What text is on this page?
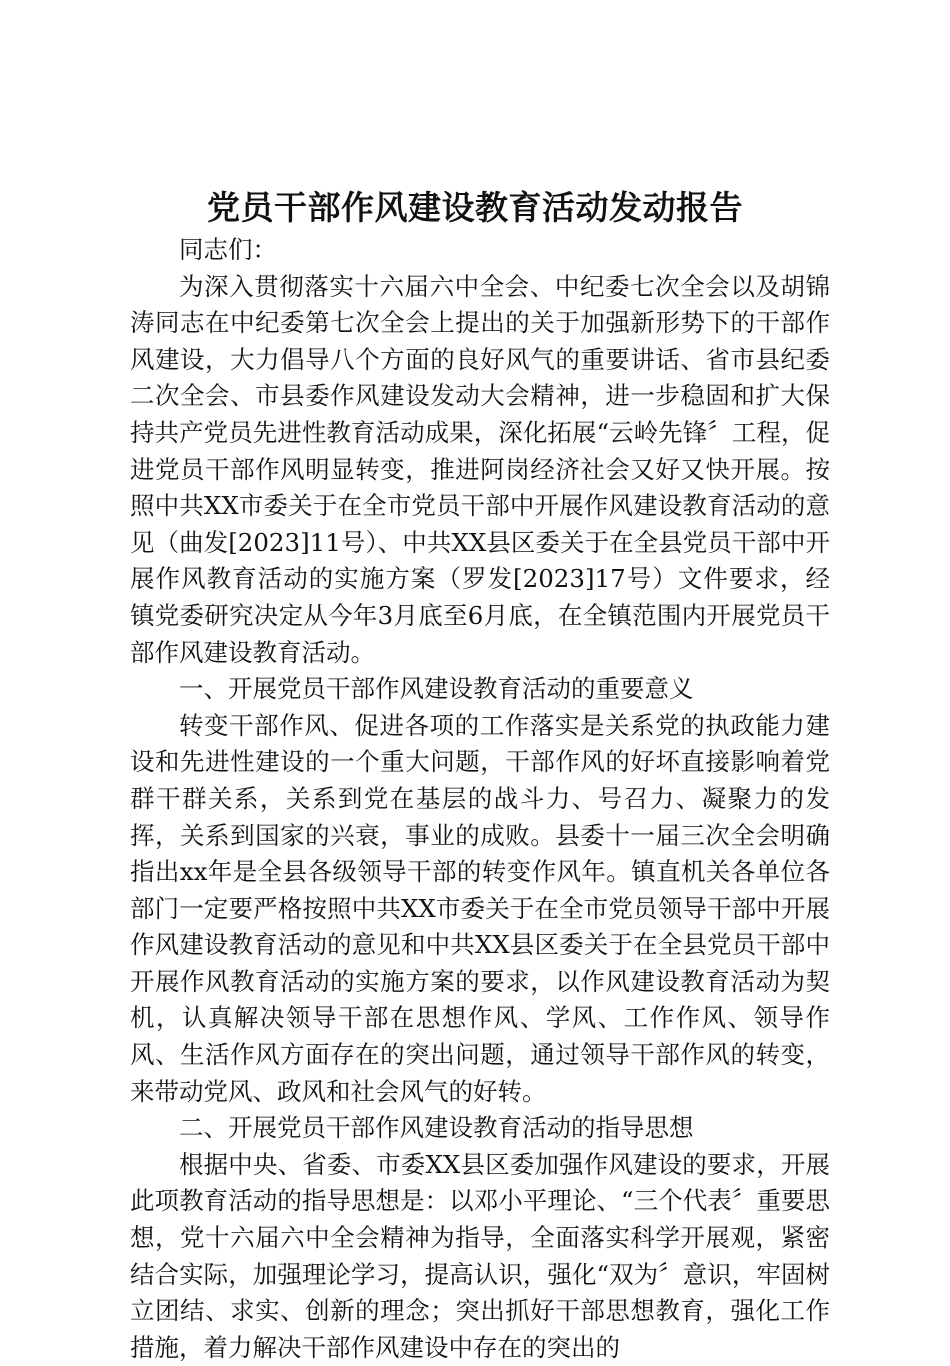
党员干部作风建设教育活动发动报告

同志们：

为深入贯彻落实十六届六中全会、中纪委七次全会以及胡锦涛同志在中纪委第七次全会上提出的关于加强新形势下的干部作风建设，大力倡导八个方面的良好风气的重要讲话、省市县纪委二次全会、市县委作风建设发动大会精神，进一步稳固和扩大保持共产党员先进性教育活动成果，深化拓展“云岭先锋〞工程，促进党员干部作风明显转变，推进阿岗经济社会又好又快开展。按照中共XX市委关于在全市党员干部中开展作风建设教育活动的意见（曲发[2023]11号）、中共XX县区委关于在全县党员干部中开展作风教育活动的实施方案（罗发[2023]17号）文件要求，经镇党委研究决定从今年3月底至6月底，在全镇范围内开展党员干部作风建设教育活动。

一、开展党员干部作风建设教育活动的重要意义

转变干部作风、促进各项的工作落实是关系党的执政能力建设和先进性建设的一个重大问题，干部作风的好坏直接影响着党群干群关系，关系到党在基层的战斗力、号召力、凝聚力的发挥，关系到国家的兴衰，事业的成败。县委十一届三次全会明确指出xx年是全县各级领导干部的转变作风年。镇直机关各单位各部门一定要严格按照中共XX市委关于在全市党员领导干部中开展作风建设教育活动的意见和中共XX县区委关于在全县党员干部中开展作风教育活动的实施方案的要求，以作风建设教育活动为契机，认真解决领导干部在思想作风、学风、工作作风、领导作风、生活作风方面存在的突出问题，通过领导干部作风的转变，来带动党风、政风和社会风气的好转。

二、开展党员干部作风建设教育活动的指导思想

根据中央、省委、市委XX县区委加强作风建设的要求，开展此项教育活动的指导思想是：以邓小平理论、“三个代表〞重要思想，党十六届六中全会精神为指导，全面落实科学开展观，紧密结合实际，加强理论学习，提高认识，强化“双为〞意识，牢固树立团结、求实、创新的理念；突出抓好干部思想教育，强化工作措施，着力解决干部作风建设中存在的突出的
